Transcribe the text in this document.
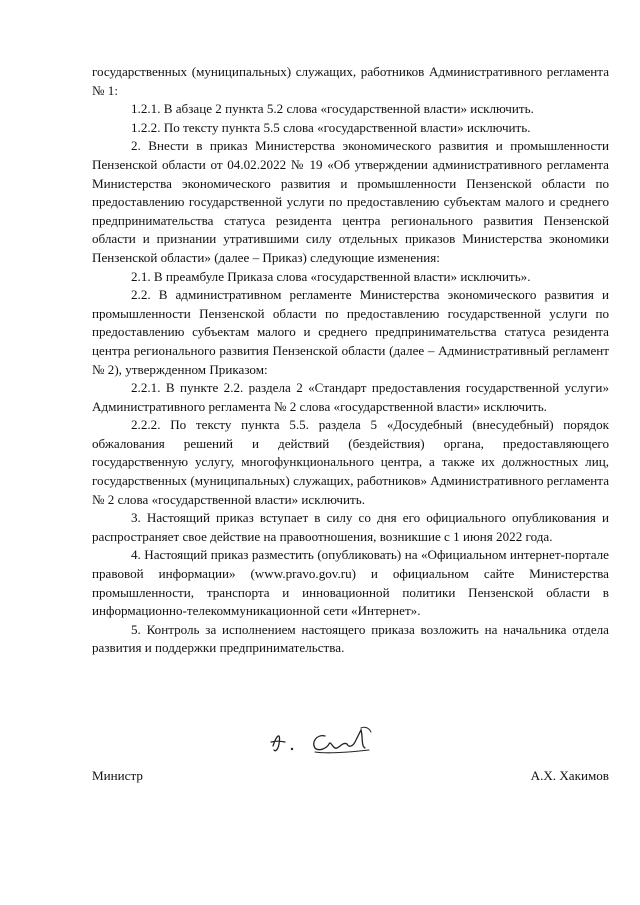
государственных (муниципальных) служащих, работников Административного регламента № 1:

1.2.1. В абзаце 2 пункта 5.2 слова «государственной власти» исключить.

1.2.2. По тексту пункта 5.5 слова «государственной власти» исключить.

2. Внести в приказ Министерства экономического развития и промышленности Пензенской области от 04.02.2022 № 19 «Об утверждении административного регламента Министерства экономического развития и промышленности Пензенской области по предоставлению государственной услуги по предоставлению субъектам малого и среднего предпринимательства статуса резидента центра регионального развития Пензенской области и признании утратившими силу отдельных приказов Министерства экономики Пензенской области» (далее – Приказ) следующие изменения:

2.1. В преамбуле Приказа слова «государственной власти» исключить».

2.2. В административном регламенте Министерства экономического развития и промышленности Пензенской области по предоставлению государственной услуги по предоставлению субъектам малого и среднего предпринимательства статуса резидента центра регионального развития Пензенской области (далее – Административный регламент № 2), утвержденном Приказом:

2.2.1. В пункте 2.2. раздела 2 «Стандарт предоставления государственной услуги» Административного регламента № 2 слова «государственной власти» исключить.

2.2.2. По тексту пункта 5.5. раздела 5 «Досудебный (внесудебный) порядок обжалования решений и действий (бездействия) органа, предоставляющего государственную услугу, многофункционального центра, а также их должностных лиц, государственных (муниципальных) служащих, работников» Административного регламента № 2 слова «государственной власти» исключить.

3. Настоящий приказ вступает в силу со дня его официального опубликования и распространяет свое действие на правоотношения, возникшие с 1 июня 2022 года.

4. Настоящий приказ разместить (опубликовать) на «Официальном интернет-портале правовой информации» (www.pravo.gov.ru) и официальном сайте Министерства промышленности, транспорта и инновационной политики Пензенской области в информационно-телекоммуникационной сети «Интернет».

5. Контроль за исполнением настоящего приказа возложить на начальника отдела развития и поддержки предпринимательства.

Министр	А.Х. Хакимов
